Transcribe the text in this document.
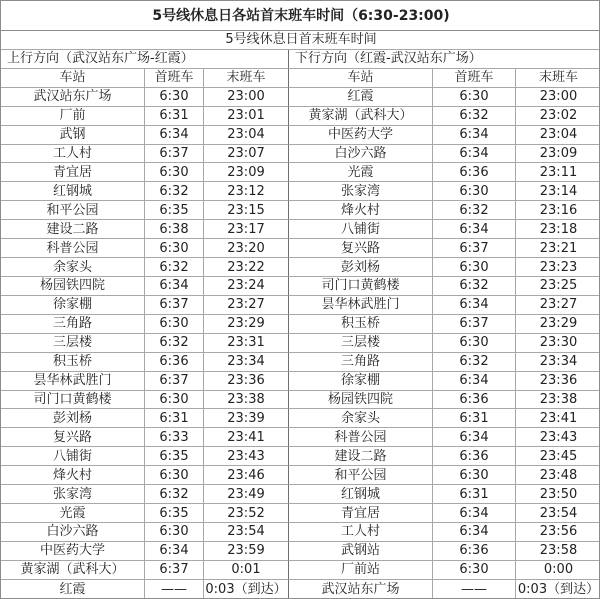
5号线休息日各站首末班车时间（6:30-23:00)
5号线休息日首末班车时间
上行方向（武汉站东广场-红霞）	下行方向（红霞-武汉站东广场）
车站	首班车	末班车	车站	首班车	末班车
武汉站东广场	6:30	23:00	红霞	6:30	23:00
厂前	6:31	23:01	黄家湖（武科大）	6:32	23:02
武钢	6:34	23:04	中医药大学	6:34	23:04
工人村	6:37	23:07	白沙六路	6:34	23:09
青宜居	6:30	23:09	光霞	6:36	23:11
红钢城	6:32	23:12	张家湾	6:30	23:14
和平公园	6:35	23:15	烽火村	6:32	23:16
建设二路	6:38	23:17	八铺街	6:34	23:18
科普公园	6:30	23:20	复兴路	6:37	23:21
余家头	6:32	23:22	彭刘杨	6:30	23:23
杨园铁四院	6:34	23:24	司门口黄鹤楼	6:32	23:25
徐家棚	6:37	23:27	昙华林武胜门	6:34	23:27
三角路	6:30	23:29	积玉桥	6:37	23:29
三层楼	6:32	23:31	三层楼	6:30	23:30
积玉桥	6:36	23:34	三角路	6:32	23:34
昙华林武胜门	6:37	23:36	徐家棚	6:34	23:36
司门口黄鹤楼	6:30	23:38	杨园铁四院	6:36	23:38
彭刘杨	6:31	23:39	余家头	6:31	23:41
复兴路	6:33	23:41	科普公园	6:34	23:43
八铺街	6:35	23:43	建设二路	6:36	23:45
烽火村	6:30	23:46	和平公园	6:30	23:48
张家湾	6:32	23:49	红钢城	6:31	23:50
光霞	6:35	23:52	青宜居	6:34	23:54
白沙六路	6:30	23:54	工人村	6:34	23:56
中医药大学	6:34	23:59	武钢站	6:36	23:58
黄家湖（武科大）	6:37	0:01	厂前站	6:30	0:00
红霞	——	0:03（到达）	武汉站东广场	——	0:03（到达）
